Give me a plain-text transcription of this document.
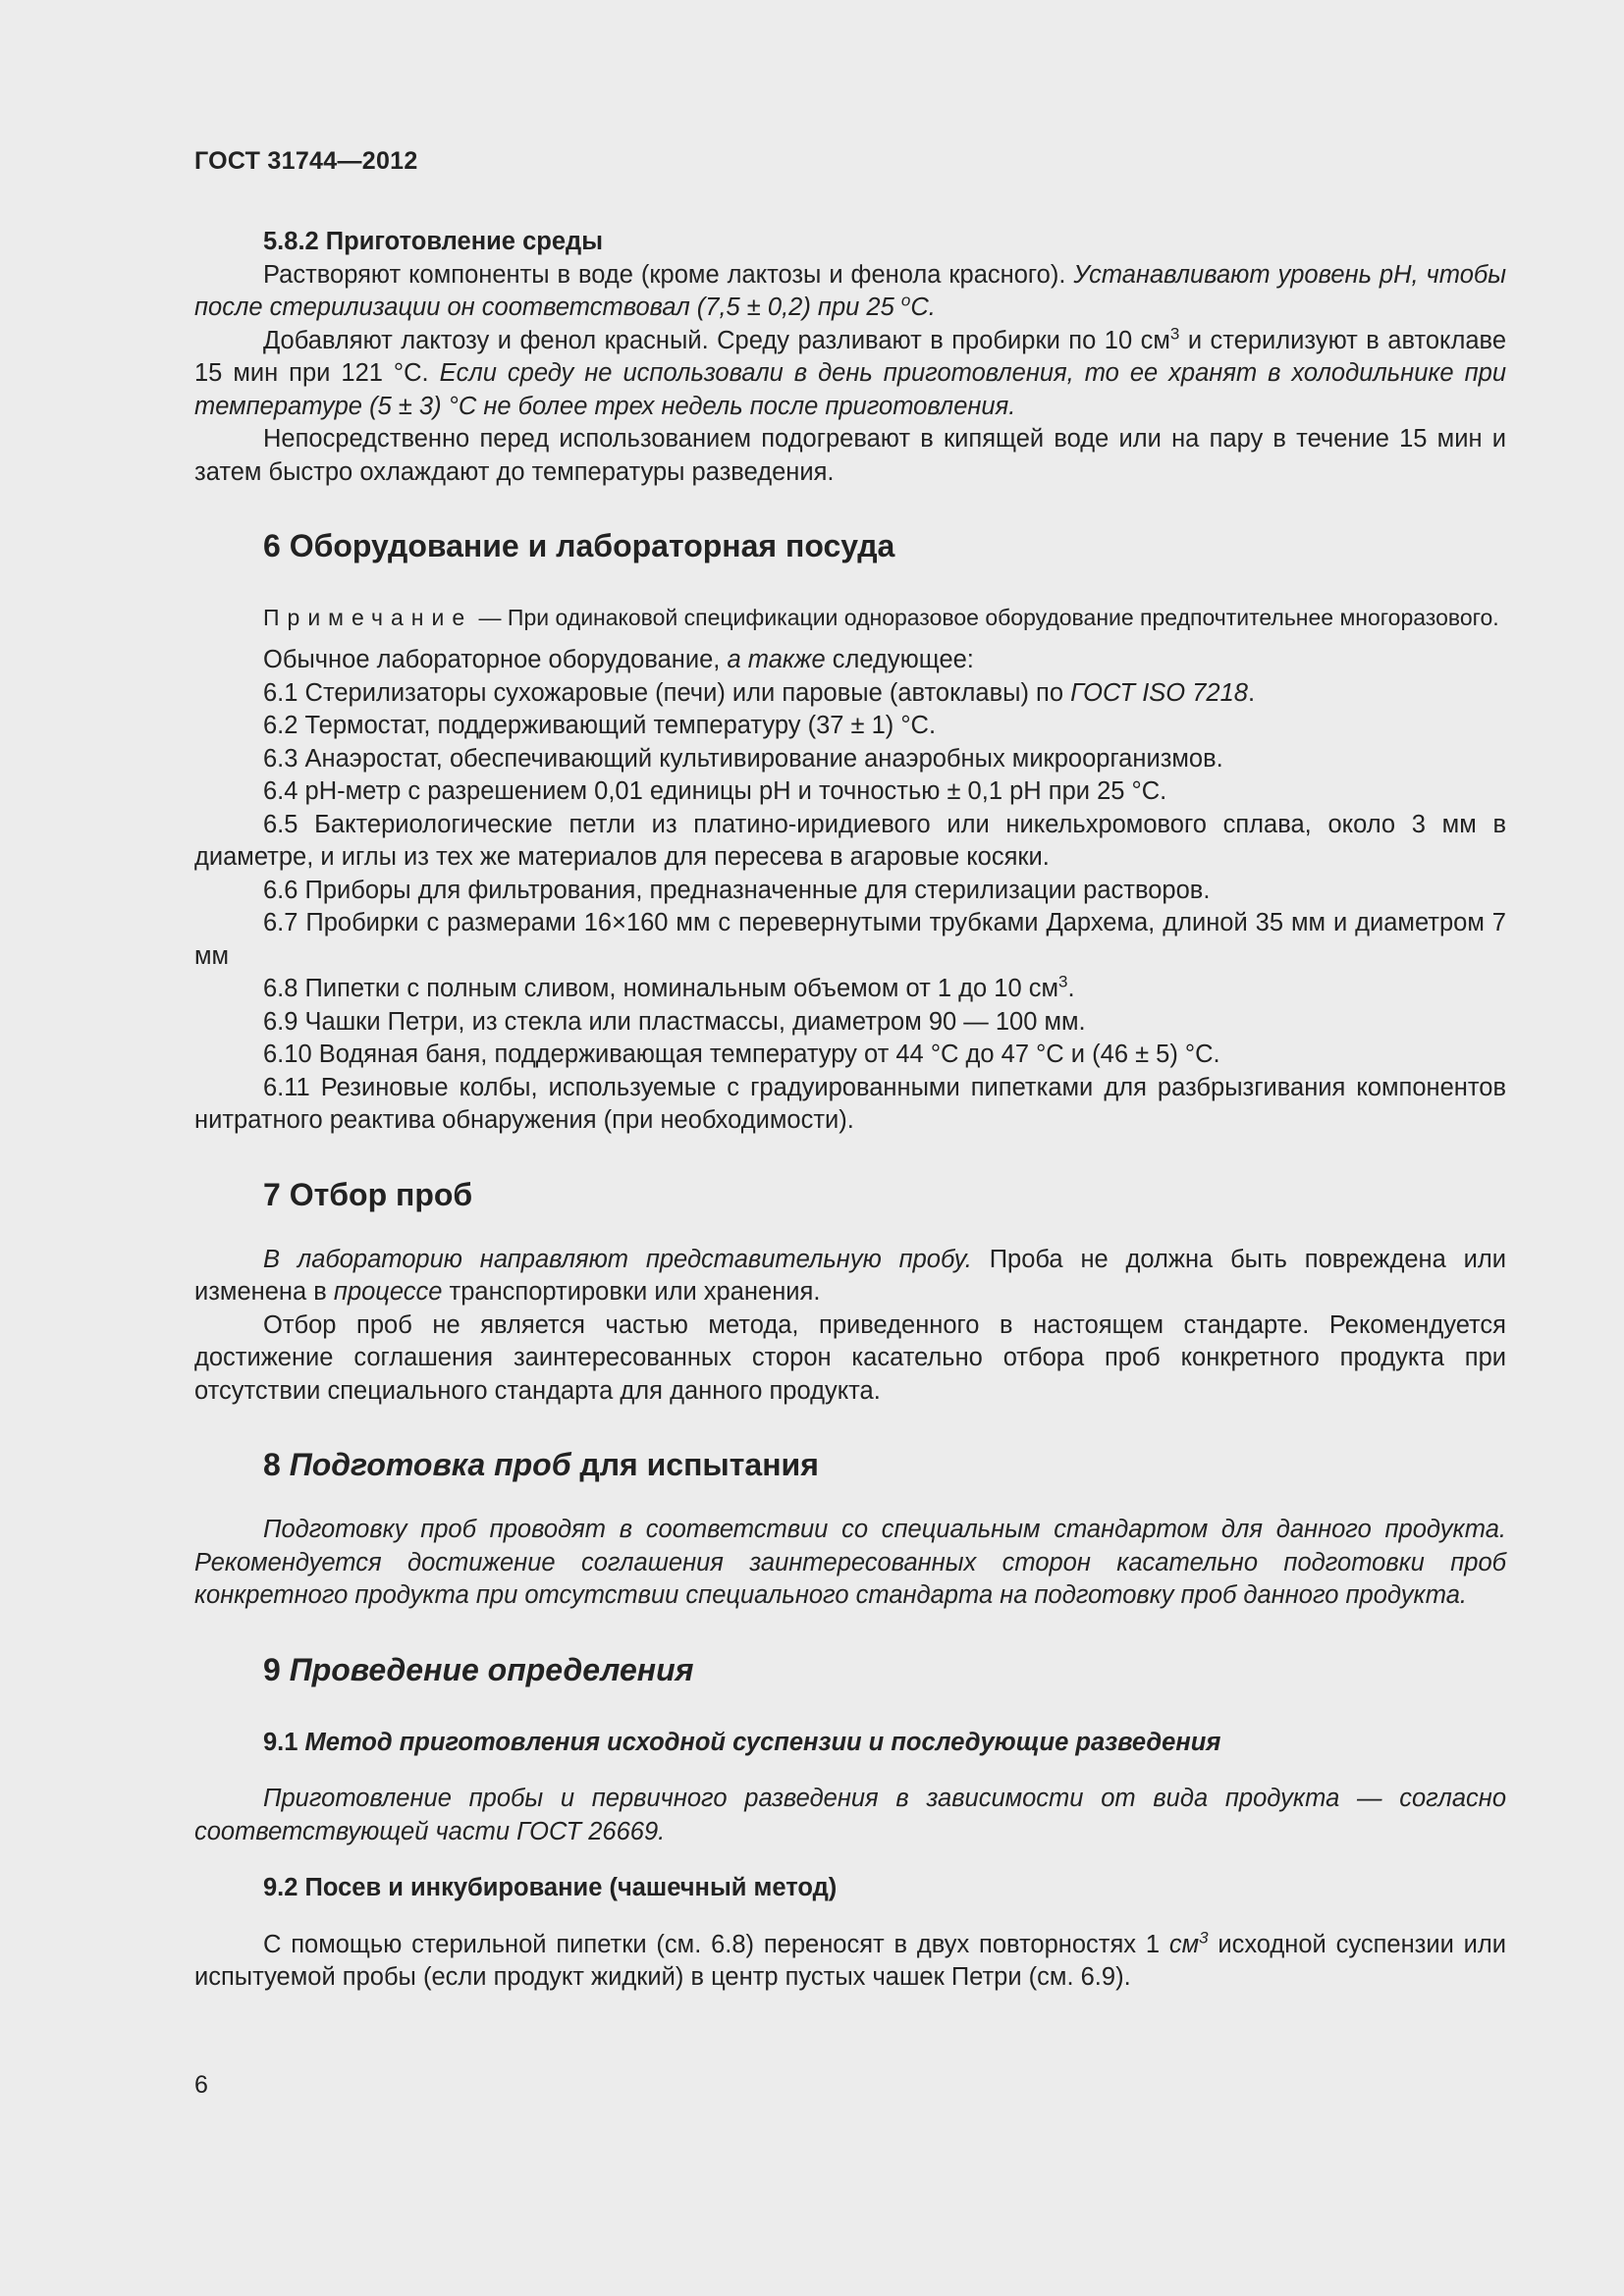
ГОСТ 31744—2012
5.8.2 Приготовление среды

Растворяют компоненты в воде (кроме лактозы и фенола красного). Устанавливают уровень рН, чтобы после стерилизации он соответствовал (7,5 ± 0,2) при 25 $^о$С.

Добавляют лактозу и фенол красный. Среду разливают в пробирки по 10 $см^3$ и стерилизуют в автоклаве 15 мин при 121 °С. Если среду не использовали в день приготовления, то ее хранят в холодильнике при температуре (5 ± 3) °С не более трех недель после приготовления.

Непосредственно перед использованием подогревают в кипящей воде или на пару в течение 15 мин и затем быстро охлаждают до температуры разведения.

6 Оборудование и лабораторная посуда

Примечание — При одинаковой спецификации одноразовое оборудование предпочтительнее многоразового.

Обычное лабораторное оборудование, а также следующее:

6.1 Стерилизаторы сухожаровые (печи) или паровые (автоклавы) по ГОСТ ISO 7218.

6.2 Термостат, поддерживающий температуру (37 ± 1) °С.

6.3 Анаэростат, обеспечивающий культивирование анаэробных микроорганизмов.

6.4 рН-метр с разрешением 0,01 единицы рН и точностью ± 0,1 рН при 25 °С.

6.5 Бактериологические петли из платино-иридиевого или никельхромового сплава, около 3 мм в диаметре, и иглы из тех же материалов для пересева в агаровые косяки.

6.6 Приборы для фильтрования, предназначенные для стерилизации растворов.

6.7 Пробирки с размерами 16×160 мм с перевернутыми трубками Дархема, длиной 35 мм и диаметром 7 мм

6.8 Пипетки с полным сливом, номинальным объемом от 1 до 10 $см^3$.

6.9 Чашки Петри, из стекла или пластмассы, диаметром 90 — 100 мм.

6.10 Водяная баня, поддерживающая температуру от 44 °С до 47 °С и (46 ± 5) °С.

6.11 Резиновые колбы, используемые с градуированными пипетками для разбрызгивания компонентов нитратного реактива обнаружения (при необходимости).

7 Отбор проб

В лабораторию направляют представительную пробу. Проба не должна быть повреждена или изменена в процессе транспортировки или хранения.

Отбор проб не является частью метода, приведенного в настоящем стандарте. Рекомендуется достижение соглашения заинтересованных сторон касательно отбора проб конкретного продукта при отсутствии специального стандарта для данного продукта.

8 Подготовка проб для испытания

Подготовку проб проводят в соответствии со специальным стандартом для данного продукта. Рекомендуется достижение соглашения заинтересованных сторон касательно подготовки проб конкретного продукта при отсутствии специального стандарта на подготовку проб данного продукта.

9 Проведение определения
9.1 Метод приготовления исходной суспензии и последующие разведения

Приготовление пробы и первичного разведения в зависимости от вида продукта — согласно соответствующей части ГОСТ 26669.

9.2 Посев и инкубирование (чашечный метод)

С помощью стерильной пипетки (см. 6.8) переносят в двух повторностях 1 $см^3$ исходной суспензии или испытуемой пробы (если продукт жидкий) в центр пустых чашек Петри (см. 6.9).

6
